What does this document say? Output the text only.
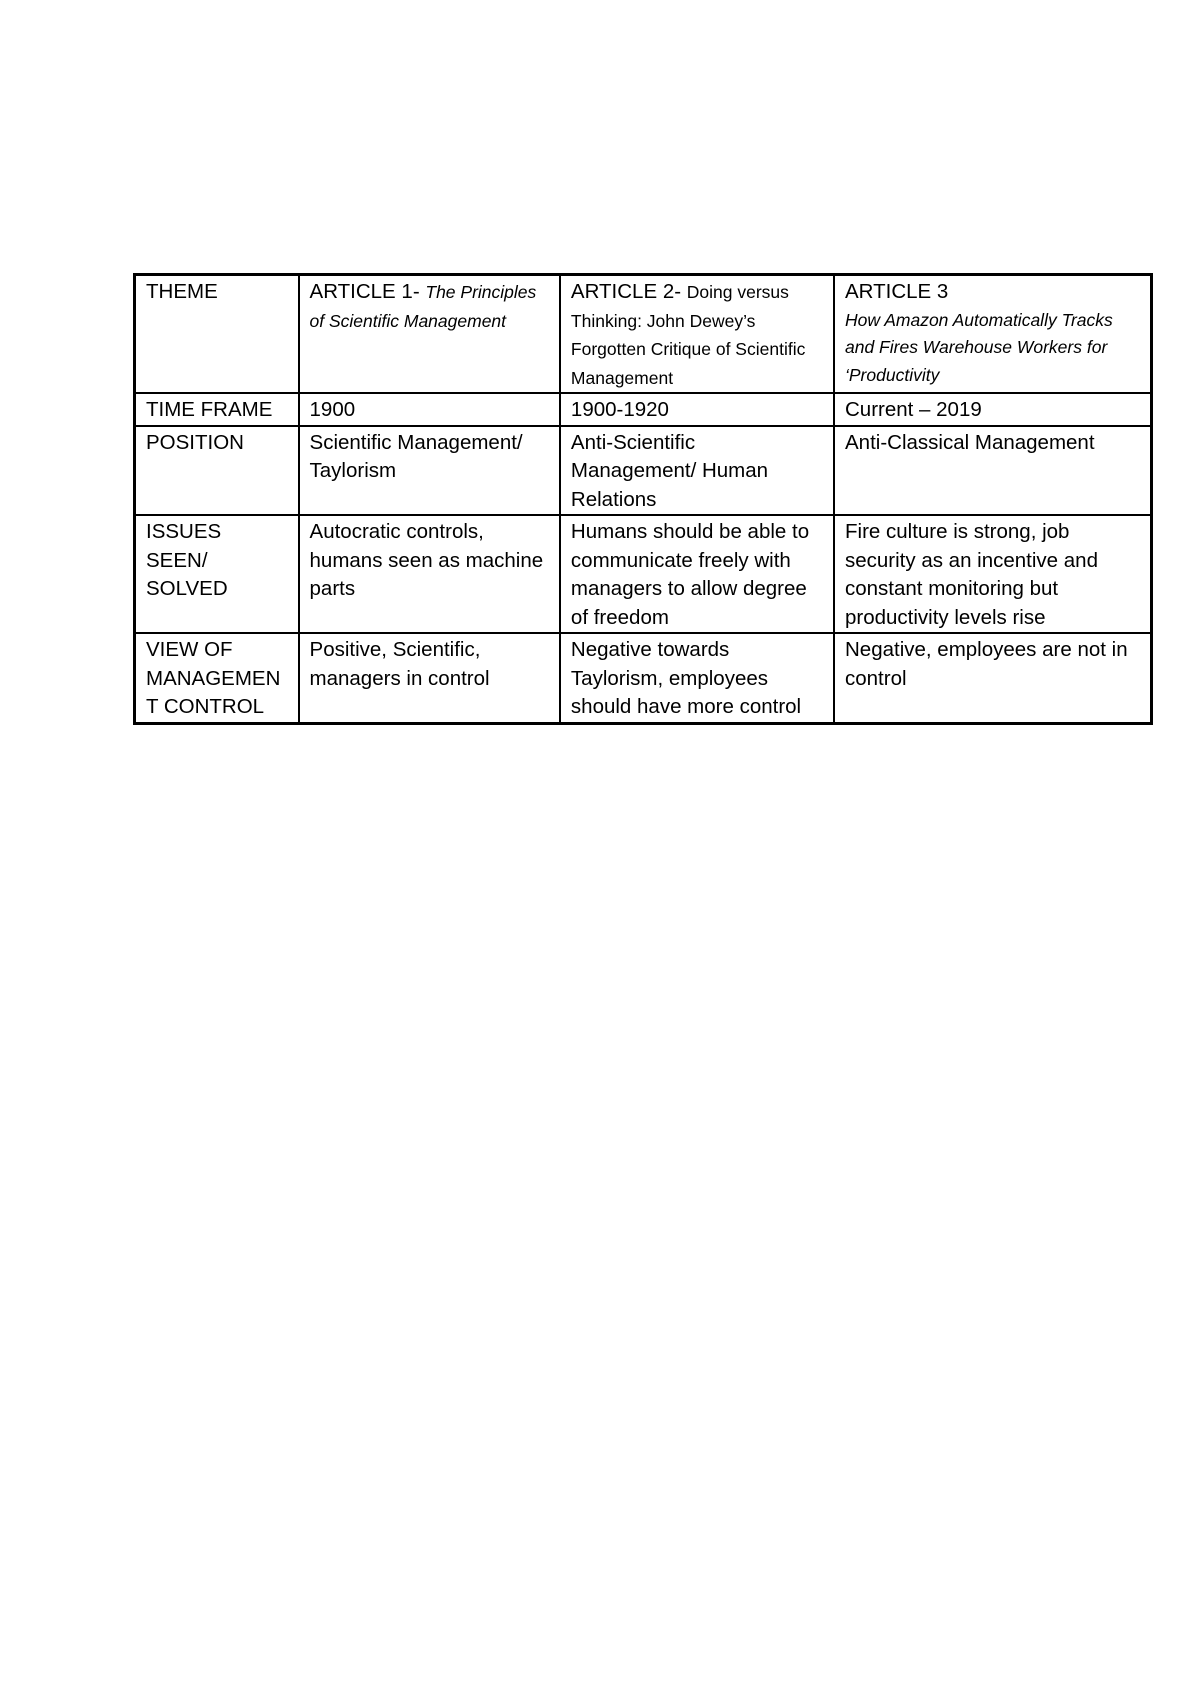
THEME	ARTICLE 1- The Principles of Scientific Management	ARTICLE 2- Doing versus Thinking: John Dewey’s Forgotten Critique of Scientific Management	ARTICLE 3
How Amazon Automatically Tracks and Fires Warehouse Workers for ‘Productivity

TIME FRAME	1900	1900-1920	Current – 2019
POSITION	Scientific Management/ Taylorism	Anti-Scientific Management/ Human Relations	Anti-Classical Management
ISSUES SEEN/ SOLVED	Autocratic controls, humans seen as machine parts	Humans should be able to communicate freely with managers to allow degree of freedom	Fire culture is strong, job security as an incentive and constant monitoring but productivity levels rise
VIEW OF MANAGEMEN T CONTROL	Positive, Scientific, managers in control	Negative towards Taylorism, employees should have more control	Negative, employees are not in control
